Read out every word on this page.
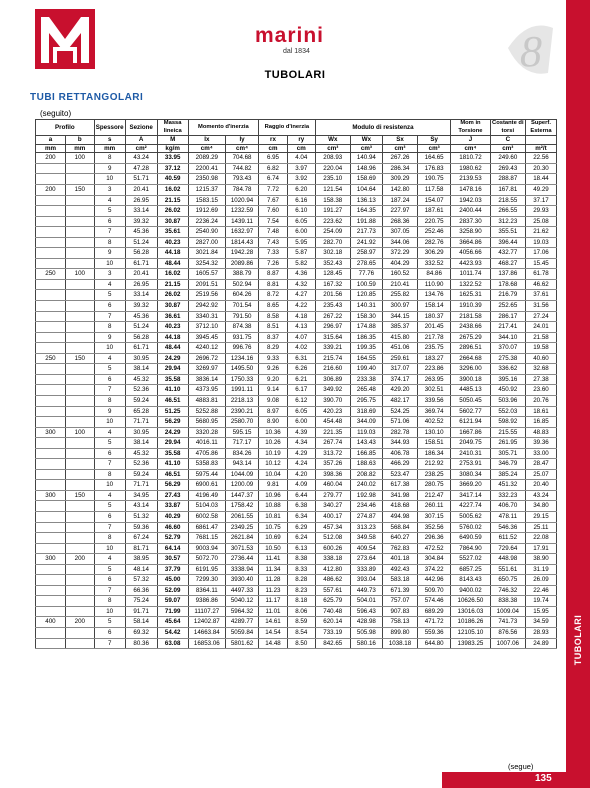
TUBOLARI
marini
dal 1834	8
TUBOLARI
TUBI RETTANGOLARI
(seguito)
Profilo		Spessore	Sezione	Massa lineica	Momento d'inerzia		Raggio d'inerzia		Modulo di resistenza				Mom in Torsione	Costante di torsi	Superf. Esterna
a	b	s	A	M	Ix	Iy	rx	ry	Wx	Wx	Sx	Sy	J	C	
mm	mm	mm	cm²	kg/m	cm⁴	cm⁴	cm	cm	cm³	cm³	cm³	cm³	cm⁴	cm³	m²/t
200	100	8	43.24	33.95	2089.29	704.68	6.95	4.04	208.93	140.94	267.26	164.65	1810.72	249.60	22.56
		9	47.28	37.12	2200.41	744.82	6.82	3.97	220.04	148.96	286.34	176.83	1980.62	269.43	20.30
		10	51.71	40.59	2350.98	793.43	6.74	3.92	235.10	158.69	309.29	190.75	2139.53	288.87	18.44
200	150	3	20.41	16.02	1215.37	784.78	7.72	6.20	121.54	104.64	142.80	117.58	1478.16	167.81	49.29
		4	26.95	21.15	1583.15	1020.94	7.67	6.16	158.38	136.13	187.24	154.07	1942.03	218.55	37.17
		5	33.14	26.02	1912.69	1232.59	7.60	6.10	191.27	164.35	227.97	187.61	2400.44	266.55	29.93
		6	39.32	30.87	2236.24	1439.11	7.54	6.05	223.62	191.88	268.36	220.75	2837.30	312.23	25.08
		7	45.36	35.61	2540.90	1632.97	7.48	6.00	254.09	217.73	307.05	252.46	3258.90	355.51	21.62
		8	51.24	40.23	2827.00	1814.43	7.43	5.95	282.70	241.92	344.06	282.76	3664.86	396.44	19.03
		9	56.28	44.18	3021.84	1942.28	7.33	5.87	302.18	258.97	372.29	306.29	4056.66	432.77	17.06
		10	61.71	48.44	3254.32	2089.86	7.26	5.82	352.43	278.65	404.29	332.52	4423.93	468.27	15.45
250	100	3	20.41	16.02	1605.57	388.79	8.87	4.36	128.45	77.76	160.52	84.86	1011.74	137.86	61.78
		4	26.95	21.15	2091.51	502.94	8.81	4.32	167.32	100.59	210.41	110.90	1322.52	178.68	46.62
		5	33.14	26.02	2519.56	604.26	8.72	4.27	201.56	120.85	255.82	134.76	1625.31	216.79	37.61
		6	39.32	30.87	2942.92	701.54	8.65	4.22	235.43	140.31	300.97	158.14	1910.39	252.65	31.56
		7	45.36	36.61	3340.31	791.50	8.58	4.18	267.22	158.30	344.15	180.37	2181.58	286.17	27.24
		8	51.24	40.23	3712.10	874.38	8.51	4.13	296.97	174.88	385.37	201.45	2438.66	217.41	24.01
		9	56.28	44.18	3945.45	931.75	8.37	4.07	315.64	186.35	415.80	217.78	2675.29	344.10	21.58
		10	61.71	48.44	4240.12	996.76	8.29	4.02	339.21	199.35	451.06	235.75	2896.51	370.07	19.58
250	150	4	30.95	24.29	2696.72	1234.16	9.33	6.31	215.74	164.55	259.61	183.27	2664.68	275.38	40.60
		5	38.14	29.94	3269.97	1495.50	9.26	6.26	216.60	199.40	317.07	223.86	3296.00	336.62	32.68
		6	45.32	35.58	3836.14	1750.33	9.20	6.21	306.89	233.38	374.17	263.95	3900.18	395.16	27.38
		7	52.36	41.10	4373.95	1991.11	9.14	6.17	349.92	265.48	429.20	302.51	4485.13	450.92	23.60
		8	59.24	46.51	4883.81	2218.13	9.08	6.12	390.70	295.75	482.17	339.56	5050.45	503.96	20.76
		9	65.28	51.25	5252.88	2390.21	8.97	6.05	420.23	318.69	524.25	369.74	5602.77	552.03	18.61
		10	71.71	56.29	5680.95	2580.70	8.90	6.00	454.48	344.09	571.06	402.52	6121.94	598.92	16.85
300	100	4	30.95	24.29	3320.28	595.15	10.36	4.39	221.35	119.03	282.78	130.10	1667.86	215.55	48.83
		5	38.14	29.94	4016.11	717.17	10.26	4.34	267.74	143.43	344.93	158.51	2049.75	261.95	39.36
		6	45.32	35.58	4705.86	834.26	10.19	4.29	313.72	166.85	406.78	186.34	2410.31	305.71	33.00
		7	52.36	41.10	5358.83	943.14	10.12	4.24	357.26	188.63	466.29	212.92	2753.91	346.79	28.47
		8	59.24	46.51	5975.44	1044.09	10.04	4.20	398.36	208.82	523.47	238.25	3080.34	385.24	25.07
		10	71.71	56.29	6900.61	1200.09	9.81	4.09	460.04	240.02	617.38	280.75	3669.20	451.32	20.40
300	150	4	34.95	27.43	4196.49	1447.37	10.96	6.44	279.77	192.98	341.98	212.47	3417.14	332.23	43.24
		5	43.14	33.87	5104.03	1758.42	10.88	6.38	340.27	234.46	418.68	260.11	4227.74	406.70	34.80
		6	51.32	40.29	6002.58	2061.55	10.81	6.34	400.17	274.87	494.98	307.15	5005.62	478.11	29.15
		7	59.36	46.60	6861.47	2349.25	10.75	6.29	457.34	313.23	568.84	352.56	5760.02	546.36	25.11
		8	67.24	52.79	7681.15	2621.84	10.69	6.24	512.08	349.58	640.27	296.36	6490.59	611.52	22.08
		10	81.71	64.14	9003.94	3071.53	10.50	6.13	600.26	409.54	762.83	472.52	7864.90	729.64	17.91
300	200	4	38.95	30.57	5072.70	2736.44	11.41	8.38	338.18	273.64	401.18	304.84	5527.02	448.98	38.90
		5	48.14	37.79	6191.95	3338.94	11.34	8.33	412.80	333.89	492.43	374.22	6857.25	551.61	31.19
		6	57.32	45.00	7299.30	3930.40	11.28	8.28	486.62	393.04	583.18	442.96	8143.43	650.75	26.09
		7	66.36	52.09	8364.11	4497.33	11.23	8.23	557.61	449.73	671.39	509.70	9400.02	746.32	22.46
		8	75.24	59.07	9386.86	5040.12	11.17	8.18	625.79	504.01	757.07	574.46	10626.50	838.38	19.74
		10	91.71	71.99	11107.27	5964.32	11.01	8.06	740.48	596.43	907.83	689.29	13016.03	1009.04	15.95
400	200	5	58.14	45.64	12402.87	4289.77	14.61	8.59	620.14	428.98	758.13	471.72	10186.26	741.73	34.59
		6	69.32	54.42	14663.84	5059.84	14.54	8.54	733.19	505.98	899.80	559.36	12105.10	876.56	28.93
		7	80.36	63.08	16853.06	5801.62	14.48	8.50	842.65	580.16	1038.18	644.80	13983.25	1007.06	24.89
(segue)
135
